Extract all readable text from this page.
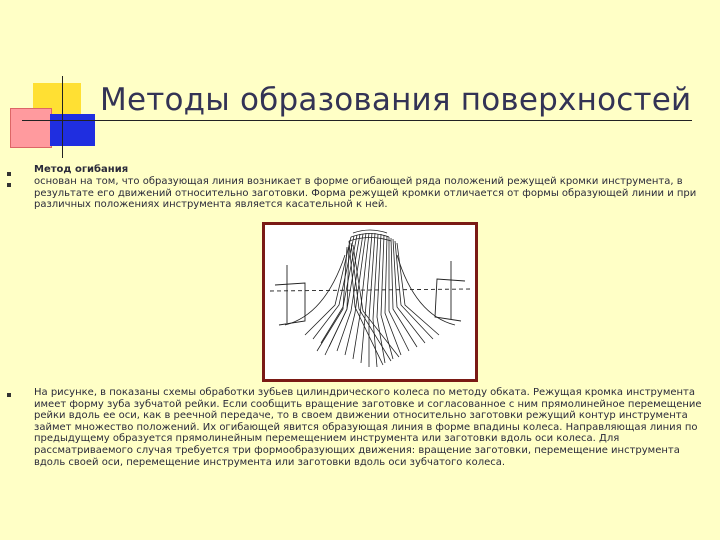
Методы образования поверхностей
Метод огибания
основан на том, что образующая линия возникает в форме огибающей ряда положений режущей кромки инструмента, в результате его движений относительно заготовки. Форма режущей кромки отличается от формы образующей линии и при различных положениях инструмента является касательной к ней.
На рисунке, в показаны схемы обработки зубьев цилиндрического колеса по методу обката. Режущая кромка инструмента имеет форму зуба зубчатой рейки. Если сообщить вращение заготовке и согласованное с ним прямолинейное перемещение рейки вдоль ее оси, как в реечной передаче, то в своем движении относительно заготовки режущий контур инструмента займет множество положений. Их огибающей явится образующая линия в форме впадины колеса. Направляющая линия по предыдущему образуется прямолинейным перемещением инструмента или заготовки вдоль оси колеса. Для рассматриваемого случая требуется три формообразующих движения: вращение заготовки, перемещение инструмента вдоль своей оси, перемещение инструмента или заготовки вдоль оси зубчатого колеса.
